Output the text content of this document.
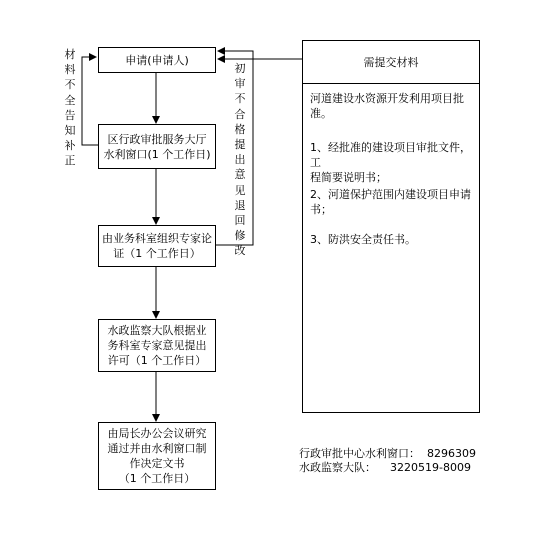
申请(申请人)
区行政审批服务大厅
水利窗口(1 个工作日)
由业务科室组织专家论
证（1 个工作日）
水政监察大队根据业
务科室专家意见提出
许可（1 个工作日）
由局长办公会议研究
通过并由水利窗口制
作决定文书
（1 个工作日）
材料不全告知补正
初审不合格提出意见退回修改
需提交材料
河道建设水资源开发利用项目批
准。
1、经批准的建设项目审批文件，工
程简要说明书；
2、河道保护范围内建设项目申请
书；
3、防洪安全责任书。
行政审批中心水利窗口：  8296309
水政监察大队：    3220519-8009
